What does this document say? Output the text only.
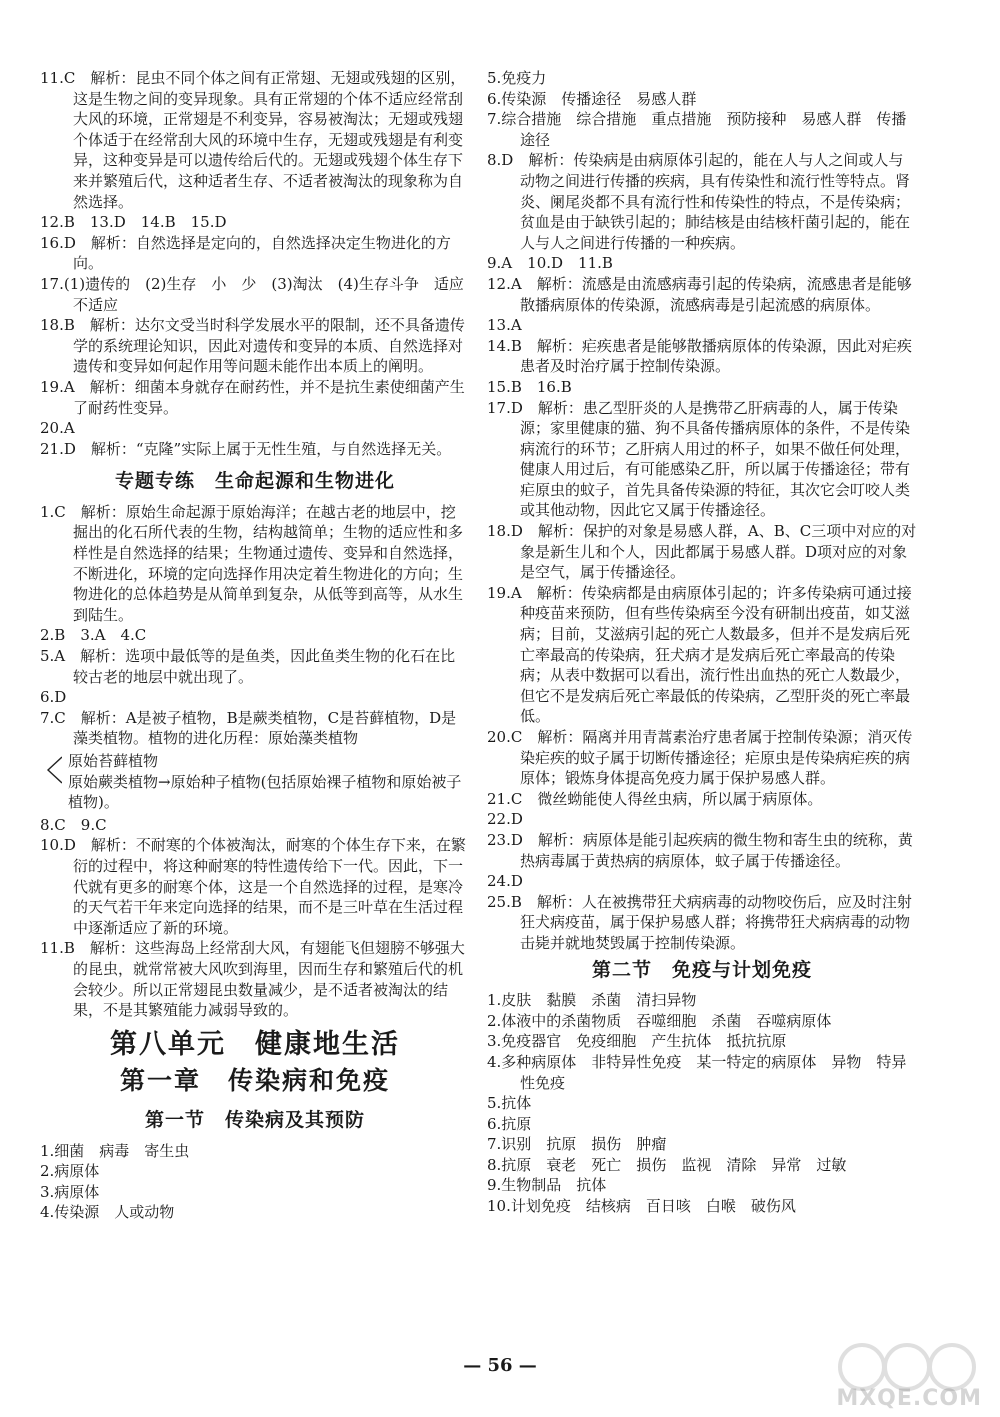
11.C　解析：昆虫不同个体之间有正常翅、无翅或残翅的区别，这是生物之间的变异现象。具有正常翅的个体不适应经常刮大风的环境，正常翅是不利变异，容易被淘汰；无翅或残翅个体适于在经常刮大风的环境中生存，无翅或残翅是有利变异，这种变异是可以遗传给后代的。无翅或残翅个体生存下来并繁殖后代，这种适者生存、不适者被淘汰的现象称为自然选择。

12.B　13.D　14.B　15.D

16.D　解析：自然选择是定向的，自然选择决定生物进化的方向。

17.(1)遗传的　(2)生存　小　少　(3)淘汰　(4)生存斗争　适应　不适应

18.B　解析：达尔文受当时科学发展水平的限制，还不具备遗传学的系统理论知识，因此对遗传和变异的本质、自然选择对遗传和变异如何起作用等问题未能作出本质上的阐明。

19.A　解析：细菌本身就存在耐药性，并不是抗生素使细菌产生了耐药性变异。

20.A

21.D　解析：“克隆”实际上属于无性生殖，与自然选择无关。

专题专练　生命起源和生物进化

1.C　解析：原始生命起源于原始海洋；在越古老的地层中，挖掘出的化石所代表的生物，结构越简单；生物的适应性和多样性是自然选择的结果；生物通过遗传、变异和自然选择，不断进化，环境的定向选择作用决定着生物进化的方向；生物进化的总体趋势是从简单到复杂，从低等到高等，从水生到陆生。

2.B　3.A　4.C

5.A　解析：选项中最低等的是鱼类，因此鱼类生物的化石在比较古老的地层中就出现了。

6.D

7.C　解析：A是被子植物，B是蕨类植物，C是苔藓植物，D是藻类植物。植物的进化历程：原始藻类植物

原始苔藓植物
原始蕨类植物→原始种子植物(包括原始裸子植物和原始被子植物)。

8.C　9.C

10.D　解析：不耐寒的个体被淘汰，耐寒的个体生存下来，在繁衍的过程中，将这种耐寒的特性遗传给下一代。因此，下一代就有更多的耐寒个体，这是一个自然选择的过程，是寒冷的天气若干年来定向选择的结果，而不是三叶草在生活过程中逐渐适应了新的环境。

11.B　解析：这些海岛上经常刮大风，有翅能飞但翅膀不够强大的昆虫，就常常被大风吹到海里，因而生存和繁殖后代的机会较少。所以正常翅昆虫数量减少，是不适者被淘汰的结果，不是其繁殖能力减弱导致的。

第八单元　健康地生活
第一章　传染病和免疫
第一节　传染病及其预防

1.细菌　病毒　寄生虫

2.病原体

3.病原体

4.传染源　人或动物

5.免疫力

6.传染源　传播途径　易感人群

7.综合措施　综合措施　重点措施　预防接种　易感人群　传播途径

8.D　解析：传染病是由病原体引起的，能在人与人之间或人与动物之间进行传播的疾病，具有传染性和流行性等特点。肾炎、阑尾炎都不具有流行性和传染性的特点，不是传染病；贫血是由于缺铁引起的；肺结核是由结核杆菌引起的，能在人与人之间进行传播的一种疾病。

9.A　10.D　11.B

12.A　解析：流感是由流感病毒引起的传染病，流感患者是能够散播病原体的传染源，流感病毒是引起流感的病原体。

13.A

14.B　解析：疟疾患者是能够散播病原体的传染源，因此对疟疾患者及时治疗属于控制传染源。

15.B　16.B

17.D　解析：患乙型肝炎的人是携带乙肝病毒的人，属于传染源；家里健康的猫、狗不具备传播病原体的条件，不是传染病流行的环节；乙肝病人用过的杯子，如果不做任何处理，健康人用过后，有可能感染乙肝，所以属于传播途径；带有疟原虫的蚊子，首先具备传染源的特征，其次它会叮咬人类或其他动物，因此它又属于传播途径。

18.D　解析：保护的对象是易感人群，A、B、C三项中对应的对象是新生儿和个人，因此都属于易感人群。D项对应的对象是空气，属于传播途径。

19.A　解析：传染病都是由病原体引起的；许多传染病可通过接种疫苗来预防，但有些传染病至今没有研制出疫苗，如艾滋病；目前，艾滋病引起的死亡人数最多，但并不是发病后死亡率最高的传染病，狂犬病才是发病后死亡率最高的传染病；从表中数据可以看出，流行性出血热的死亡人数最少，但它不是发病后死亡率最低的传染病，乙型肝炎的死亡率最低。

20.C　解析：隔离并用青蒿素治疗患者属于控制传染源；消灭传染疟疾的蚊子属于切断传播途径；疟原虫是传染病疟疾的病原体；锻炼身体提高免疫力属于保护易感人群。

21.C　微丝蚴能使人得丝虫病，所以属于病原体。

22.D

23.D　解析：病原体是能引起疾病的微生物和寄生虫的统称，黄热病毒属于黄热病的病原体，蚊子属于传播途径。

24.D

25.B　解析：人在被携带狂犬病病毒的动物咬伤后，应及时注射狂犬病疫苗，属于保护易感人群；将携带狂犬病病毒的动物击毙并就地焚毁属于控制传染源。

第二节　免疫与计划免疫

1.皮肤　黏膜　杀菌　清扫异物

2.体液中的杀菌物质　吞噬细胞　杀菌　吞噬病原体

3.免疫器官　免疫细胞　产生抗体　抵抗抗原

4.多种病原体　非特异性免疫　某一特定的病原体　异物　特异性免疫

5.抗体

6.抗原

7.识别　抗原　损伤　肿瘤

8.抗原　衰老　死亡　损伤　监视　清除　异常　过敏

9.生物制品　抗体

10.计划免疫　结核病　百日咳　白喉　破伤风

— 56 —
MXQE.COM
